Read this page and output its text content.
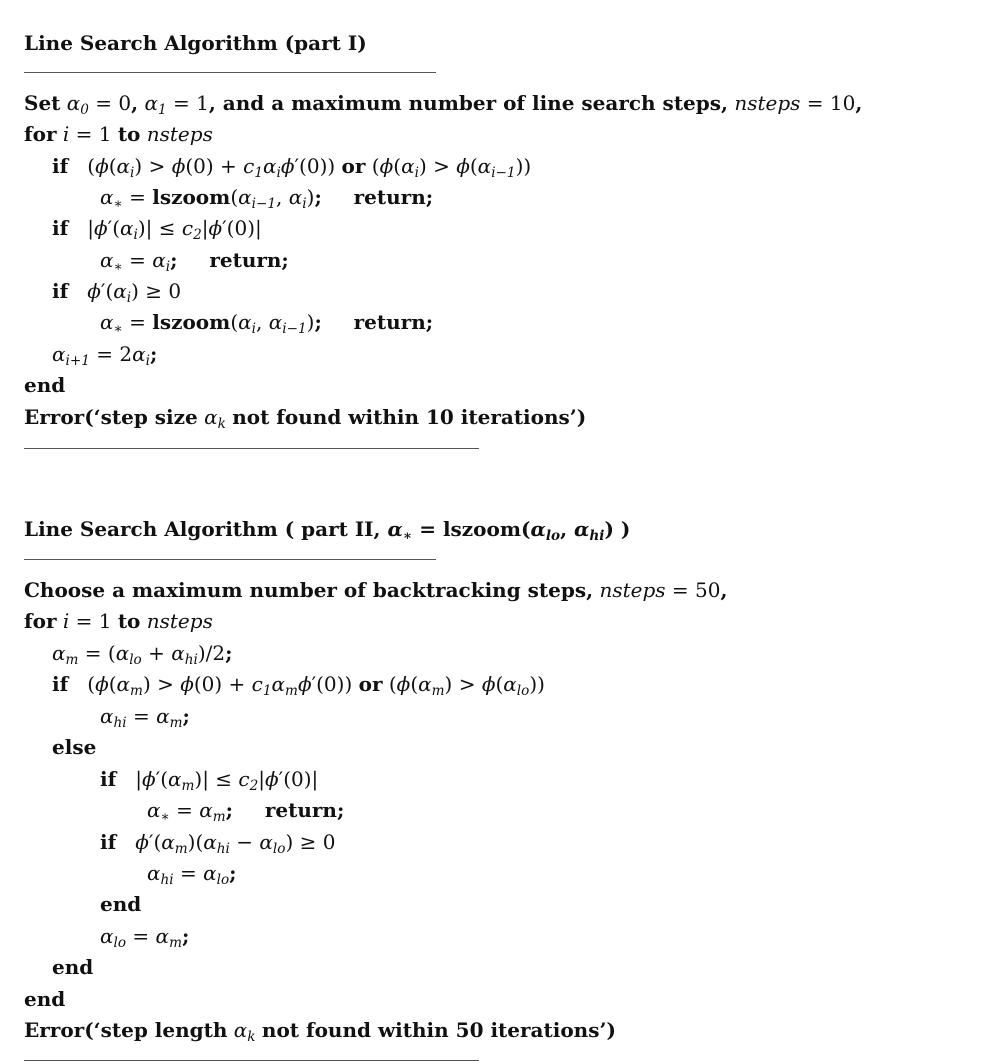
Line Search Algorithm (part I)
Set $\alpha_0 = 0$, $\alpha_1 = 1$, and a maximum number of line search steps, nsteps = 10,
for i = 1 to nsteps
if   $(\phi(\alpha_i) > \phi(0) + c_1\alpha_i\phi'(0))$ or $(\phi(\alpha_i) > \phi(\alpha_{i-1}))$
$\alpha_∗$ = $lszoom(\alpha_{i-1}$, $\alpha_i$); return;
if   $|\phi'(\alpha_i)| \le c_2|\phi'(0)|$
$\alpha_∗ = \alpha_i$; return;
if $\phi'(\alpha_i) \ge 0$
$\alpha_∗$ = $lszoom(\alpha_i$, $\alpha_{i-1}$); return;
$\alpha_{i+1} = 2\alpha_i$;
end
Error(‘step size $\alpha_k$ not found within 10 iterations’)
Line Search Algorithm ( part II, $\alpha_∗$ = $lszoom(\alpha_{lo}$, $\alpha_{hi}$) )
Choose a maximum number of backtracking steps, nsteps = 50,
for i = 1 to nsteps
$\alpha_m = (\alpha_{lo} + \alpha_{hi})/2$;
if   $(\phi(\alpha_m) > \phi(0) + c_1\alpha_m\phi'(0))$ or $(\phi(\alpha_m) > \phi(\alpha_{lo}))$
$\alpha_{hi} = \alpha_m$;
else
if   $|\phi'(\alpha_m)| \le c_2|\phi'(0)|$
$\alpha_∗ = \alpha_m$; return;
if $\phi'(\alpha_m)(\alpha_{hi} - \alpha_{lo}) \ge 0$
$\alpha_{hi} = \alpha_{lo}$;
end
$\alpha_{lo} = \alpha_m$;
end
end
Error(‘step length $\alpha_k$ not found within 50 iterations’)
